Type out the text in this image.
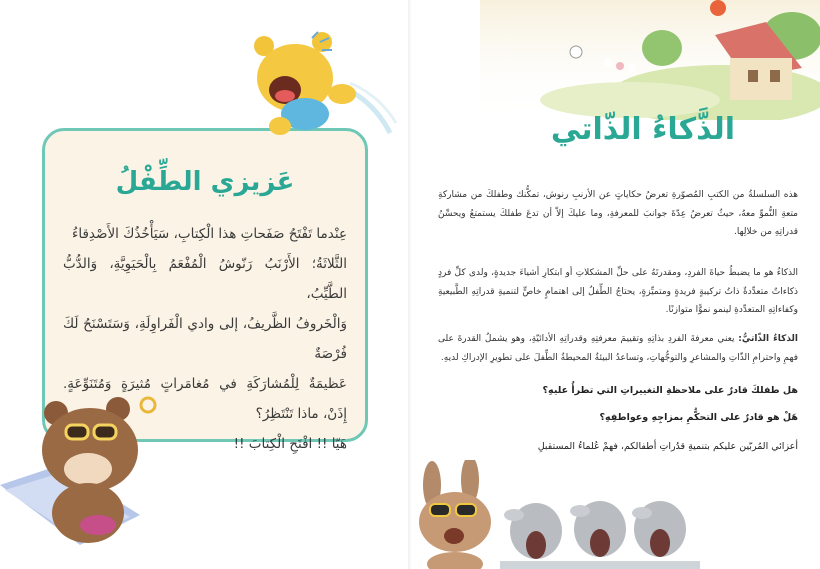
عَزيزي الطِّفْلُ
عِنْدما تَفْتَحُ صَفَحاتِ هذا الْكِتابِ، سَيَأْخُذُكَ الأَصْدِقاءُ
الثَّلاثَةُ؛ الأَرْنَبُ رَنّوشُ الْمُفْعَمُ بِالْحَيَوِيَّةِ، وَالدُّبُّ الطَّيِّبُ،
وَالْخَروفُ الظَّريفُ، إلى وادي الْفَراوِلَةِ، وَسَتَسْنَحُ لَكَ فُرْصَةٌ
عَظيمَةٌ لِلْمُشارَكَةِ في مُغامَراتٍ مُثيرَةٍ وَمُتَنَوِّعَةٍ. إِذَنْ، ماذا تَنْتَظِرُ؟
هَيّا !! افْتَحِ الْكِتابَ !!
الذَّكاءُ الذّاتي

هذه السلسلةُ من الكتبِ المُصوّرةِ تعرضُ حكاياتٍ عن الأرنبِ رنوش، تمكُّنك وطفلكَ من مشاركةِ متعةِ النُّموِّ معهُ، حيثُ تعرضُ عِدّةَ جوانبَ للمعرفةِ، وما عليكَ إلاّ أن تدعَ طفلكَ يستمتعُ ويحسِّنُ قدراتِهِ من خلالِها.

الذكاءُ هو ما يضبطُ حياةَ الفردِ، ومقدرتَهُ على حلِّ المشكلاتِ أو ابتكارِ أشياءَ جديدةٍ، ولدى كلِّ فردٍ ذكاءاتٌ متعدِّدةٌ ذاتُ تركيبةٍ فريدةٍ ومتميِّزةٍ، يحتاجُ الطِّفلُ إلى اهتمامٍ خاصٍّ لتنميةِ قدراتِهِ الطَّبيعيةِ وكفاءاتِهِ المتعدِّدةِ لينمو نموًّا متوازنًا.

الذكاءُ الذّاتيُّ: يعني معرفةَ الفردِ بذاتِهِ وتقييمَ معرفتِهِ وقدراتِهِ الأدائيّةِ، وهو يشملُ القدرةَ على فهمِ واحترامِ الذّاتِ والمشاعرِ والتوجُّهاتِ، وتساعدُ البيئةُ المحيطةُ الطِّفلَ على تطويرِ الإدراكِ لديهِ.

هل طفلكَ قادرٌ على ملاحظةِ التغييراتِ التي تطرأُ عليهِ؟

هَلْ هو قادرٌ على التحكُّمِ بمزاجِهِ وعواطفِهِ؟

أعزائي المُربّين عليكم بتنميةِ قدُراتِ أطفالكم، فهمْ عُلماءُ المستقبلِ
